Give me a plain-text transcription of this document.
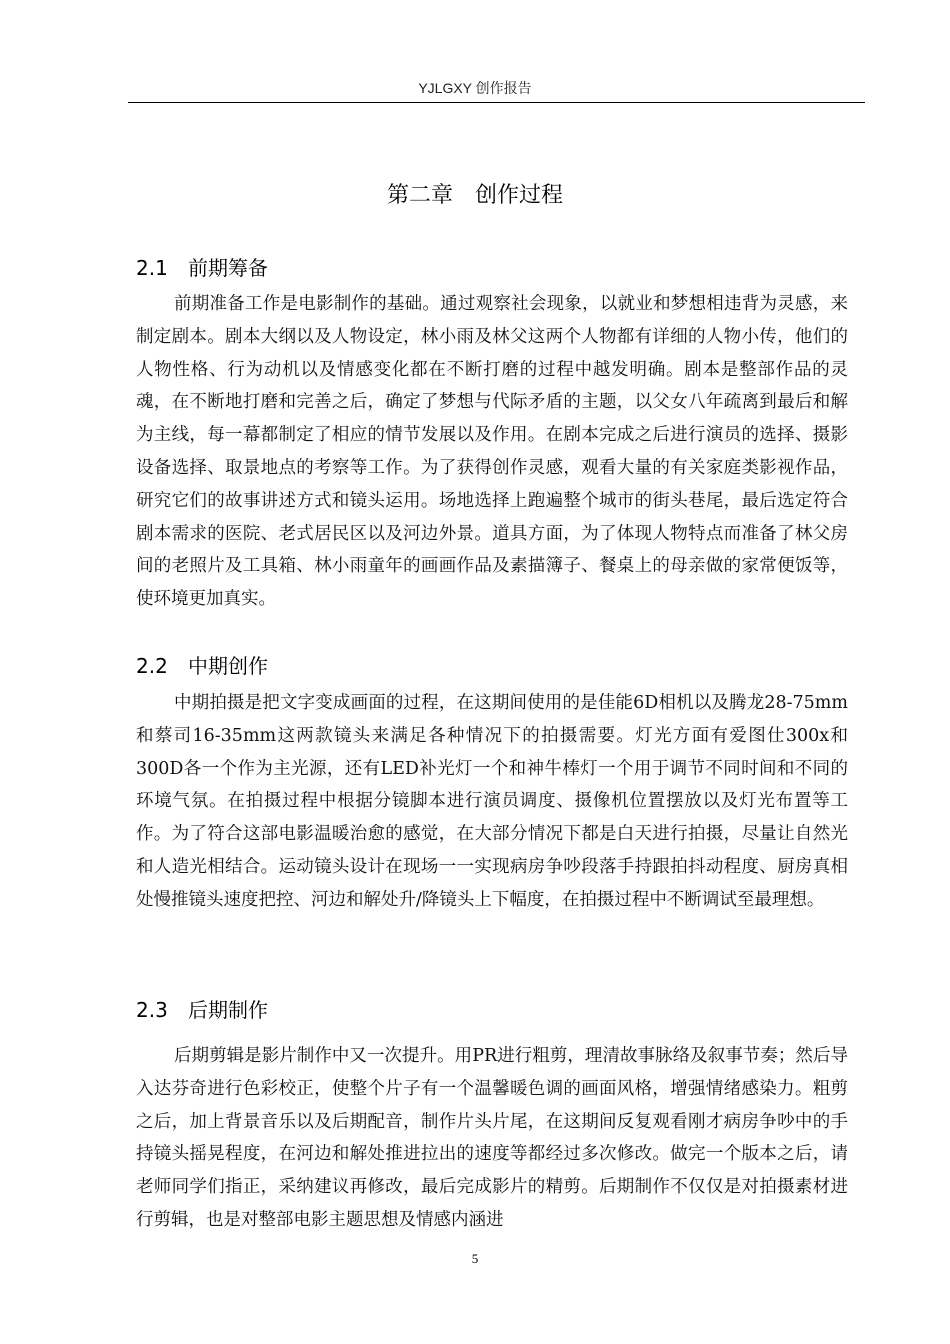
YJLGXY 创作报告
第二章　创作过程
2.1 前期筹备

前期准备工作是电影制作的基础。通过观察社会现象，以就业和梦想相违背为灵感，来制定剧本。剧本大纲以及人物设定，林小雨及林父这两个人物都有详细的人物小传，他们的人物性格、行为动机以及情感变化都在不断打磨的过程中越发明确。剧本是整部作品的灵魂，在不断地打磨和完善之后，确定了梦想与代际矛盾的主题，以父女八年疏离到最后和解为主线，每一幕都制定了相应的情节发展以及作用。在剧本完成之后进行演员的选择、摄影设备选择、取景地点的考察等工作。为了获得创作灵感，观看大量的有关家庭类影视作品，研究它们的故事讲述方式和镜头运用。场地选择上跑遍整个城市的街头巷尾，最后选定符合剧本需求的医院、老式居民区以及河边外景。道具方面，为了体现人物特点而准备了林父房间的老照片及工具箱、林小雨童年的画画作品及素描簿子、餐桌上的母亲做的家常便饭等，使环境更加真实。

2.2 中期创作

中期拍摄是把文字变成画面的过程，在这期间使用的是佳能6D相机以及腾龙28-75mm和蔡司16-35mm这两款镜头来满足各种情况下的拍摄需要。灯光方面有爱图仕300x和300D各一个作为主光源，还有LED补光灯一个和神牛棒灯一个用于调节不同时间和不同的环境气氛。在拍摄过程中根据分镜脚本进行演员调度、摄像机位置摆放以及灯光布置等工作。为了符合这部电影温暖治愈的感觉，在大部分情况下都是白天进行拍摄，尽量让自然光和人造光相结合。运动镜头设计在现场一一实现病房争吵段落手持跟拍抖动程度、厨房真相处慢推镜头速度把控、河边和解处升/降镜头上下幅度，在拍摄过程中不断调试至最理想。

2.3 后期制作

后期剪辑是影片制作中又一次提升。用PR进行粗剪，理清故事脉络及叙事节奏；然后导入达芬奇进行色彩校正，使整个片子有一个温馨暖色调的画面风格，增强情绪感染力。粗剪之后，加上背景音乐以及后期配音，制作片头片尾，在这期间反复观看刚才病房争吵中的手持镜头摇晃程度，在河边和解处推进拉出的速度等都经过多次修改。做完一个版本之后，请老师同学们指正，采纳建议再修改，最后完成影片的精剪。后期制作不仅仅是对拍摄素材进行剪辑，也是对整部电影主题思想及情感内涵进

5
